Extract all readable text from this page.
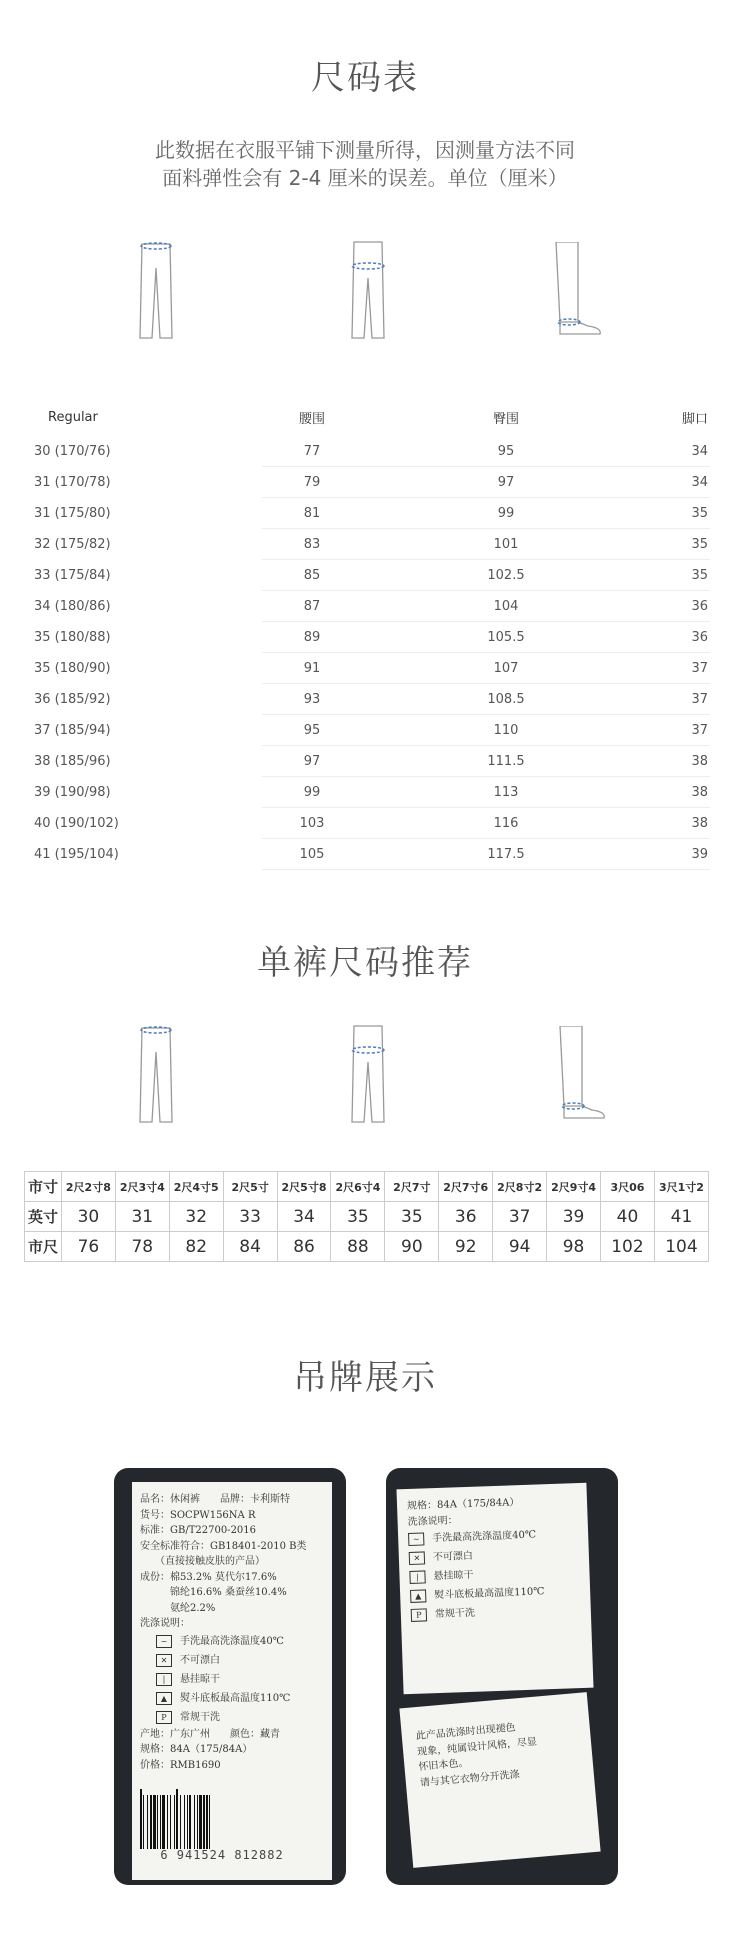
尺码表
此数据在衣服平铺下测量所得，因测量方法不同
面料弹性会有 2-4 厘米的误差。单位（厘米）
Regular	腰围	臀围	脚口
30 (170/76)	77	95	34
31 (170/78)	79	97	34
31 (175/80)	81	99	35
32 (175/82)	83	101	35
33 (175/84)	85	102.5	35
34 (180/86)	87	104	36
35 (180/88)	89	105.5	36
35 (180/90)	91	107	37
36 (185/92)	93	108.5	37
37 (185/94)	95	110	37
38 (185/96)	97	111.5	38
39 (190/98)	99	113	38
40 (190/102)	103	116	38
41 (195/104)	105	117.5	39
单裤尺码推荐
市寸	2尺2寸8	2尺3寸4	2尺4寸5	2尺5寸	2尺5寸8	2尺6寸4	2尺7寸	2尺7寸6	2尺8寸2	2尺9寸4	3尺06	3尺1寸2
英寸	30	31	32	33	34	35	35	36	37	39	40	41
市尺	76	78	82	84	86	88	90	92	94	98	102	104
吊牌展示
品名：休闲裤　　品牌：卡利斯特
货号：SOCPW156NA R
标准：GB/T22700-2016
安全标准符合：GB18401-2010 B类
　　（直接接触皮肤的产品）
成份：棉53.2% 莫代尔17.6%
　　　锦纶16.6% 桑蚕丝10.4%
　　　氨纶2.2%
洗涤说明：
~	手洗最高洗涤温度40℃
✕	不可漂白
|	悬挂晾干
▲	熨斗底板最高温度110℃
P	常规干洗
产地：广东广州　　颜色：藏青
规格：84A（175/84A）
价格：RMB1690
6 941524 812882
规格：84A（175/84A）
洗涤说明：
~	手洗最高洗涤温度40℃
✕	不可漂白
|	悬挂晾干
▲	熨斗底板最高温度110℃
P	常规干洗
此产品洗涤时出现褪色
现象，纯属设计风格，尽显
怀旧本色。
请与其它衣物分开洗涤
